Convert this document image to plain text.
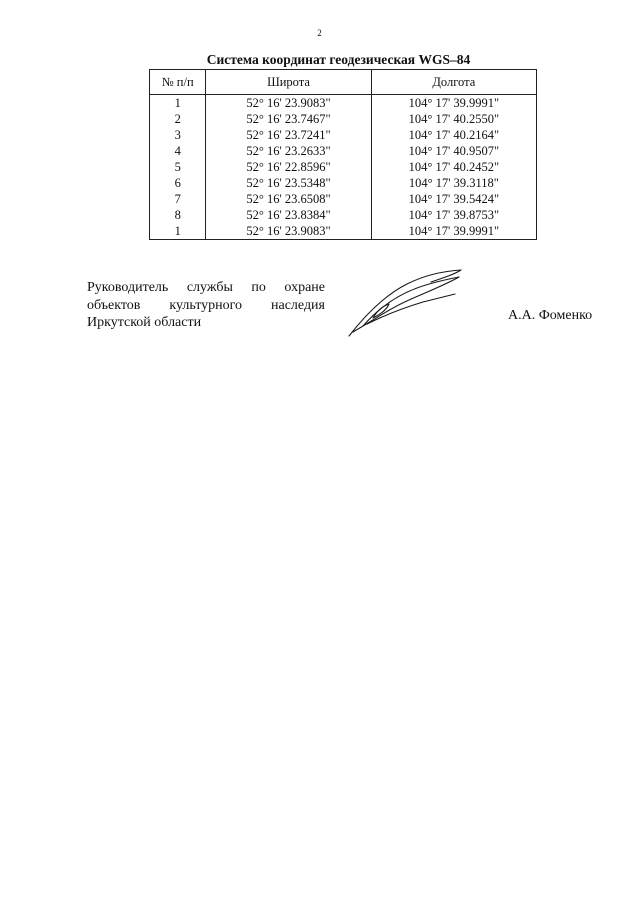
2
Система координат геодезическая WGS–84
№ п/п	Широта	Долгота
1	52° 16' 23.9083"	104° 17' 39.9991"
2	52° 16' 23.7467"	104° 17' 40.2550"
3	52° 16' 23.7241"	104° 17' 40.2164"
4	52° 16' 23.2633"	104° 17' 40.9507"
5	52° 16' 22.8596"	104° 17' 40.2452"
6	52° 16' 23.5348"	104° 17' 39.3118"
7	52° 16' 23.6508"	104° 17' 39.5424"
8	52° 16' 23.8384"	104° 17' 39.8753"
1	52° 16' 23.9083"	104° 17' 39.9991"
Руководитель службы по охране
объектов культурного наследия
Иркутской области	А.А. Фоменко
